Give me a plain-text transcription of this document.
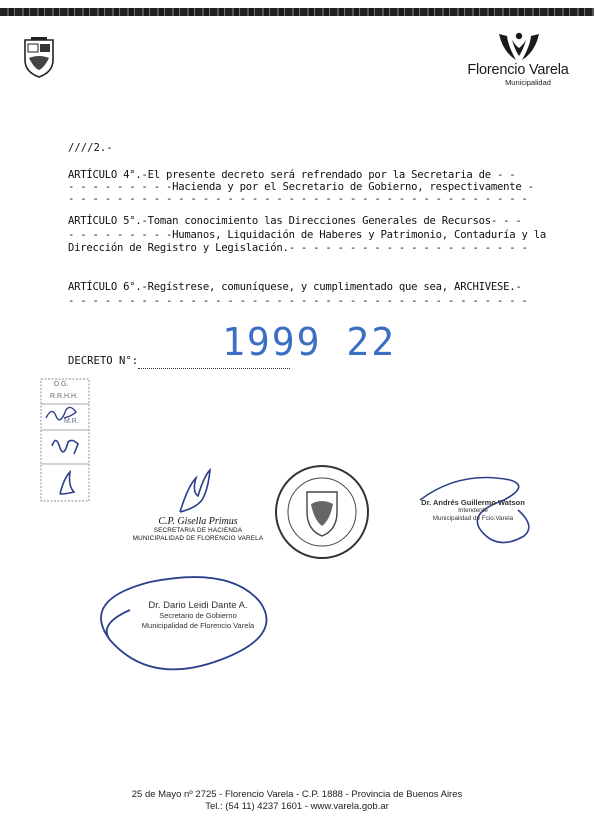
Florencio Varela
Municipalidad
////2.-
ARTÍCULO 4°.-El presente decreto será refrendado por la Secretaria de - -
- - - - - - - - -Hacienda y por el Secretario de Gobierno, respectivamente -
- - - - - - - - - - - - - - - - - - - - - - - - - - - - - - - - - - - - - -
ARTÍCULO 5°.-Toman conocimiento las Direcciones Generales de Recursos- - -
- - - - - - - - -Humanos, Liquidación de Haberes y Patrimonio, Contaduría y la
Dirección de Registro y Legislación.- - - - - - - - - - - - - - - - - - - -
ARTÍCULO 6°.-Regístrese, comuníquese, y cumplimentado que sea, ARCHIVESE.-
- - - - - - - - - - - - - - - - - - - - - - - - - - - - - - - - - - - - - -
DECRETO N°: 1999 22
D.G.
R.R.H.H.
M.R.
C.P. Gisella Primus
SECRETARIA DE HACIENDA
MUNICIPALIDAD DE FLORENCIO VARELA
Dr. Andrés Guillermo Watson
Intendente
Municipalidad de Fcio.Varela
Dr. Dario Leidi Dante A.
Secretario de Gobierno
Municipalidad de Florencio Varela
25 de Mayo nº 2725 - Florencio Varela - C.P. 1888 - Provincia de Buenos Aires
Tel.: (54 11) 4237 1601 - www.varela.gob.ar
